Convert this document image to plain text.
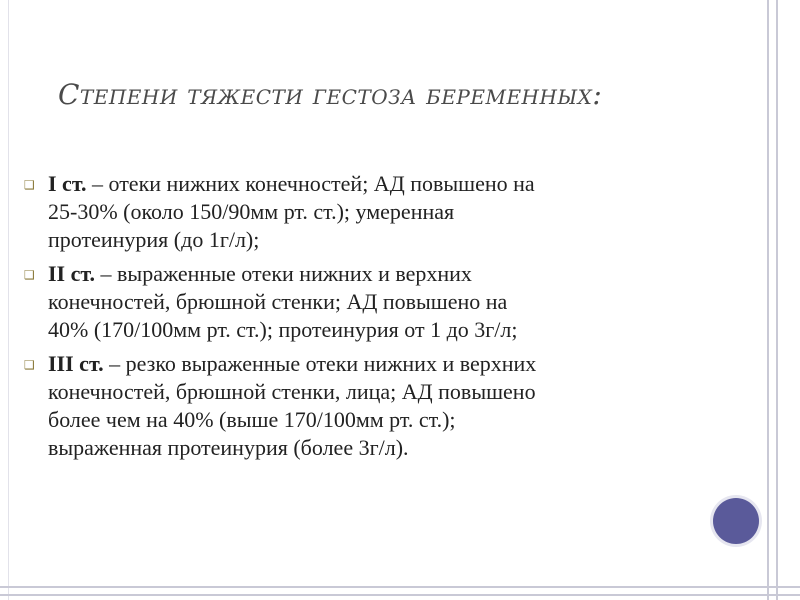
Степени тяжести гестоза беременных:
❑ I ст. – отеки нижних конечностей; АД повышено на
25-30% (около 150/90мм рт. ст.); умеренная
протеинурия (до 1г/л);
❑ II ст. – выраженные отеки нижних и верхних
конечностей, брюшной стенки; АД повышено на
40% (170/100мм рт. ст.); протеинурия от 1 до 3г/л;
❑ III ст. – резко выраженные отеки нижних и верхних
конечностей, брюшной стенки, лица; АД повышено
более чем на 40% (выше 170/100мм рт. ст.);
выраженная протеинурия (более 3г/л).
